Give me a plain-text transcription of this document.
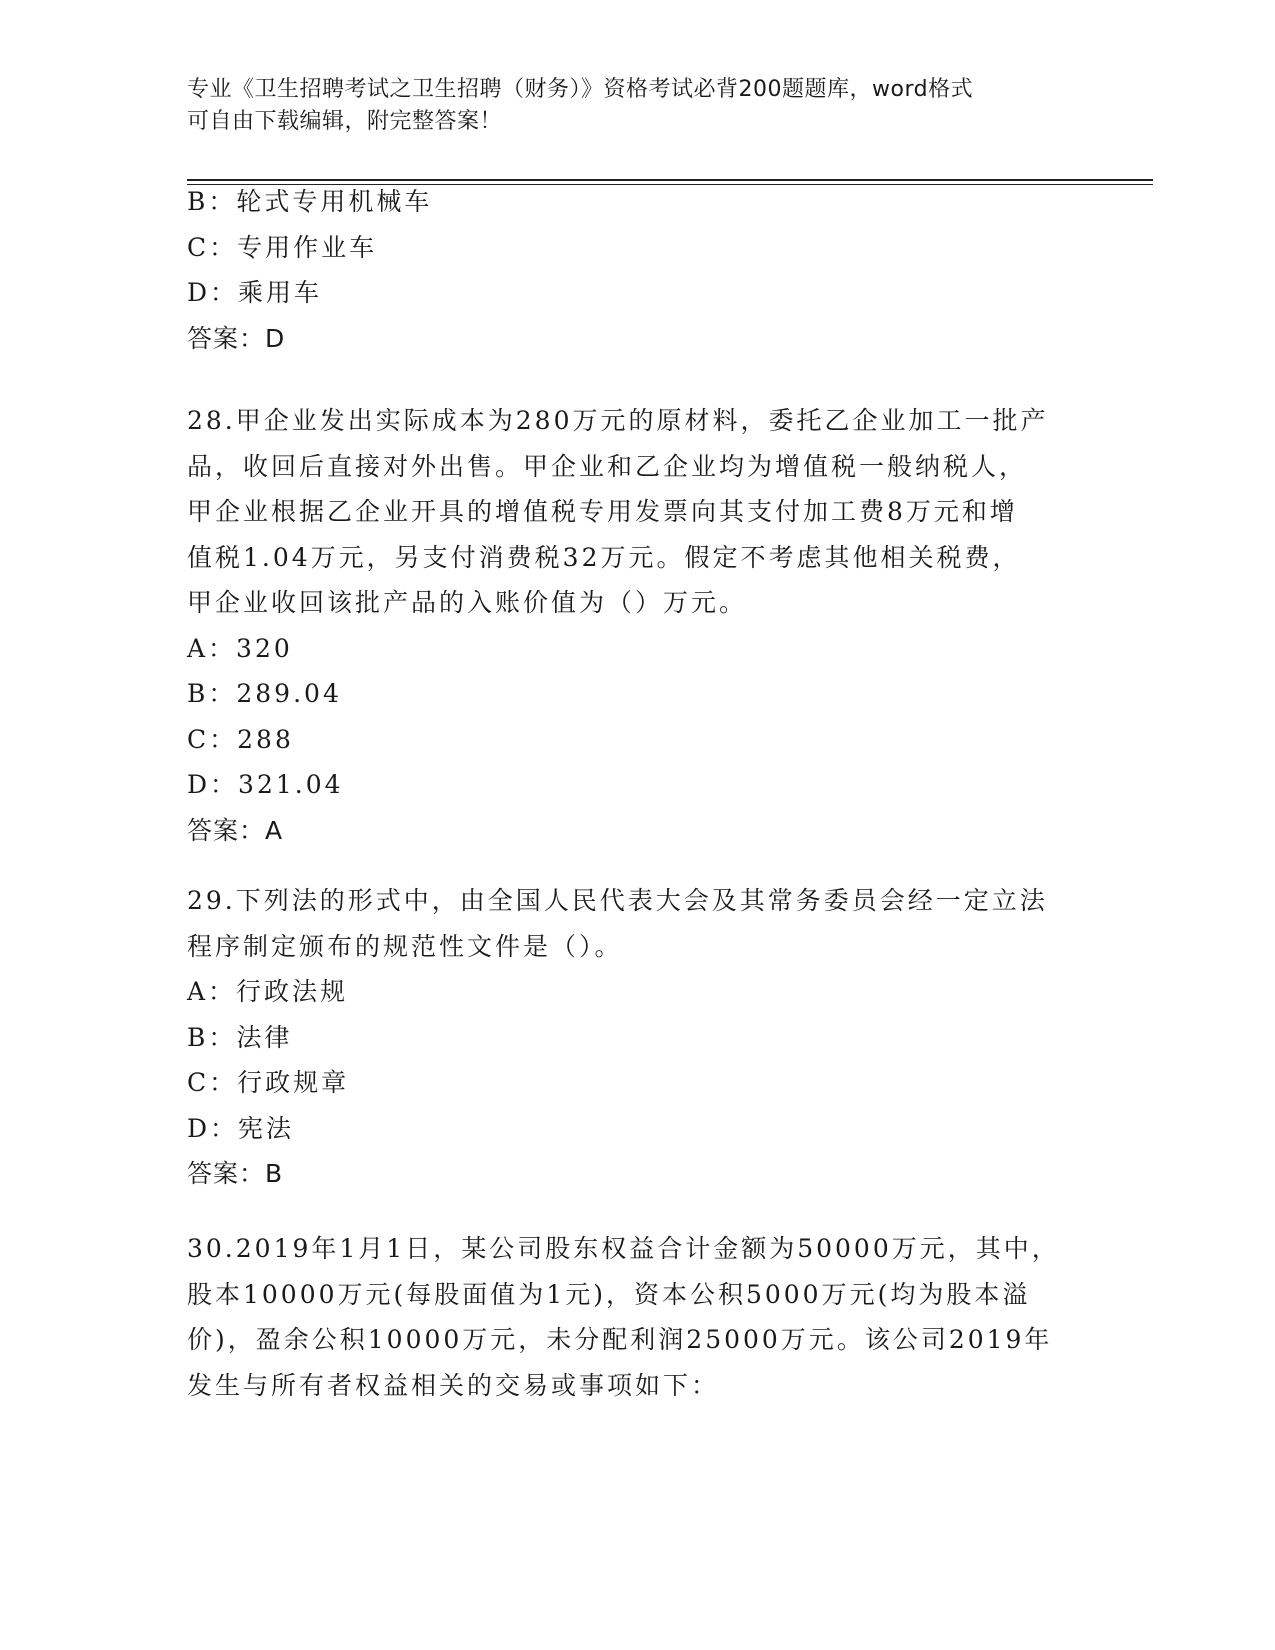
专业《卫生招聘考试之卫生招聘（财务）》资格考试必背200题题库，word格式
可自由下载编辑，附完整答案！
B：轮式专用机械车
C：专用作业车
D：乘用车
答案：D
28.甲企业发出实际成本为280万元的原材料，委托乙企业加工一批产
品，收回后直接对外出售。甲企业和乙企业均为增值税一般纳税人，
甲企业根据乙企业开具的增值税专用发票向其支付加工费8万元和增
值税1.04万元，另支付消费税32万元。假定不考虑其他相关税费，
甲企业收回该批产品的入账价值为（）万元。
A：320
B：289.04
C：288
D：321.04
答案：A
29.下列法的形式中，由全国人民代表大会及其常务委员会经一定立法
程序制定颁布的规范性文件是（）。
A：行政法规
B：法律
C：行政规章
D：宪法
答案：B
30.2019年1月1日，某公司股东权益合计金额为50000万元，其中，
股本10000万元(每股面值为1元)，资本公积5000万元(均为股本溢
价)，盈余公积10000万元，未分配利润25000万元。该公司2019年
发生与所有者权益相关的交易或事项如下：
